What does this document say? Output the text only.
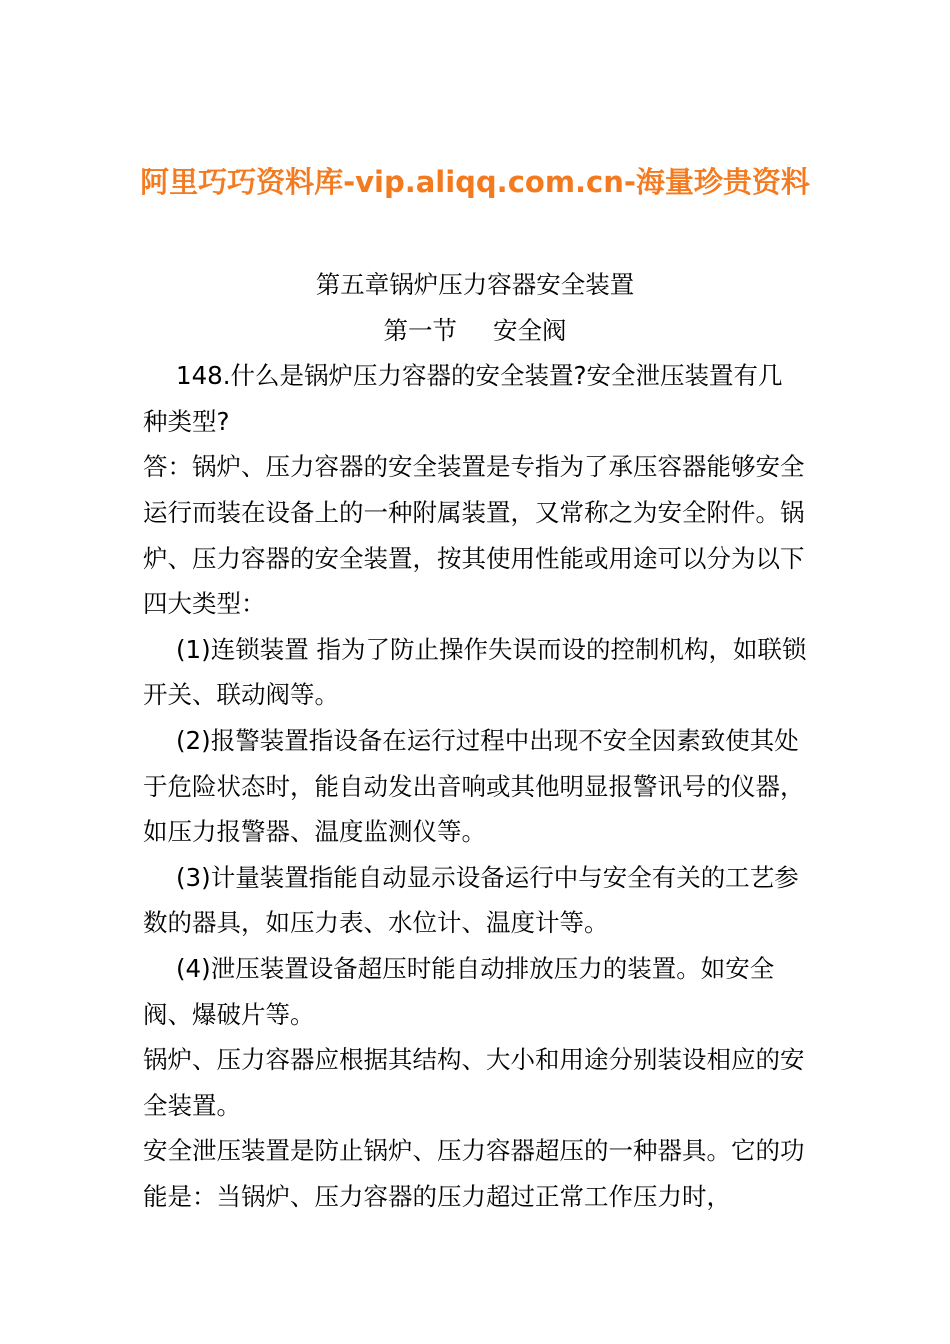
阿里巧巧资料库-vip.aliqq.com.cn-海量珍贵资料

第五章锅炉压力容器安全装置

第一节 安全阀

148.什么是锅炉压力容器的安全装置?安全泄压装置有几种类型?

答：锅炉、压力容器的安全装置是专指为了承压容器能够安全运行而装在设备上的一种附属装置，又常称之为安全附件。锅炉、压力容器的安全装置，按其使用性能或用途可以分为以下四大类型：

(1)连锁装置 指为了防止操作失误而设的控制机构，如联锁开关、联动阀等。

(2)报警装置指设备在运行过程中出现不安全因素致使其处于危险状态时，能自动发出音响或其他明显报警讯号的仪器，如压力报警器、温度监测仪等。

(3)计量装置指能自动显示设备运行中与安全有关的工艺参数的器具，如压力表、水位计、温度计等。

(4)泄压装置设备超压时能自动排放压力的装置。如安全阀、爆破片等。

锅炉、压力容器应根据其结构、大小和用途分别装设相应的安全装置。

安全泄压装置是防止锅炉、压力容器超压的一种器具。它的功能是：当锅炉、压力容器的压力超过正常工作压力时，
